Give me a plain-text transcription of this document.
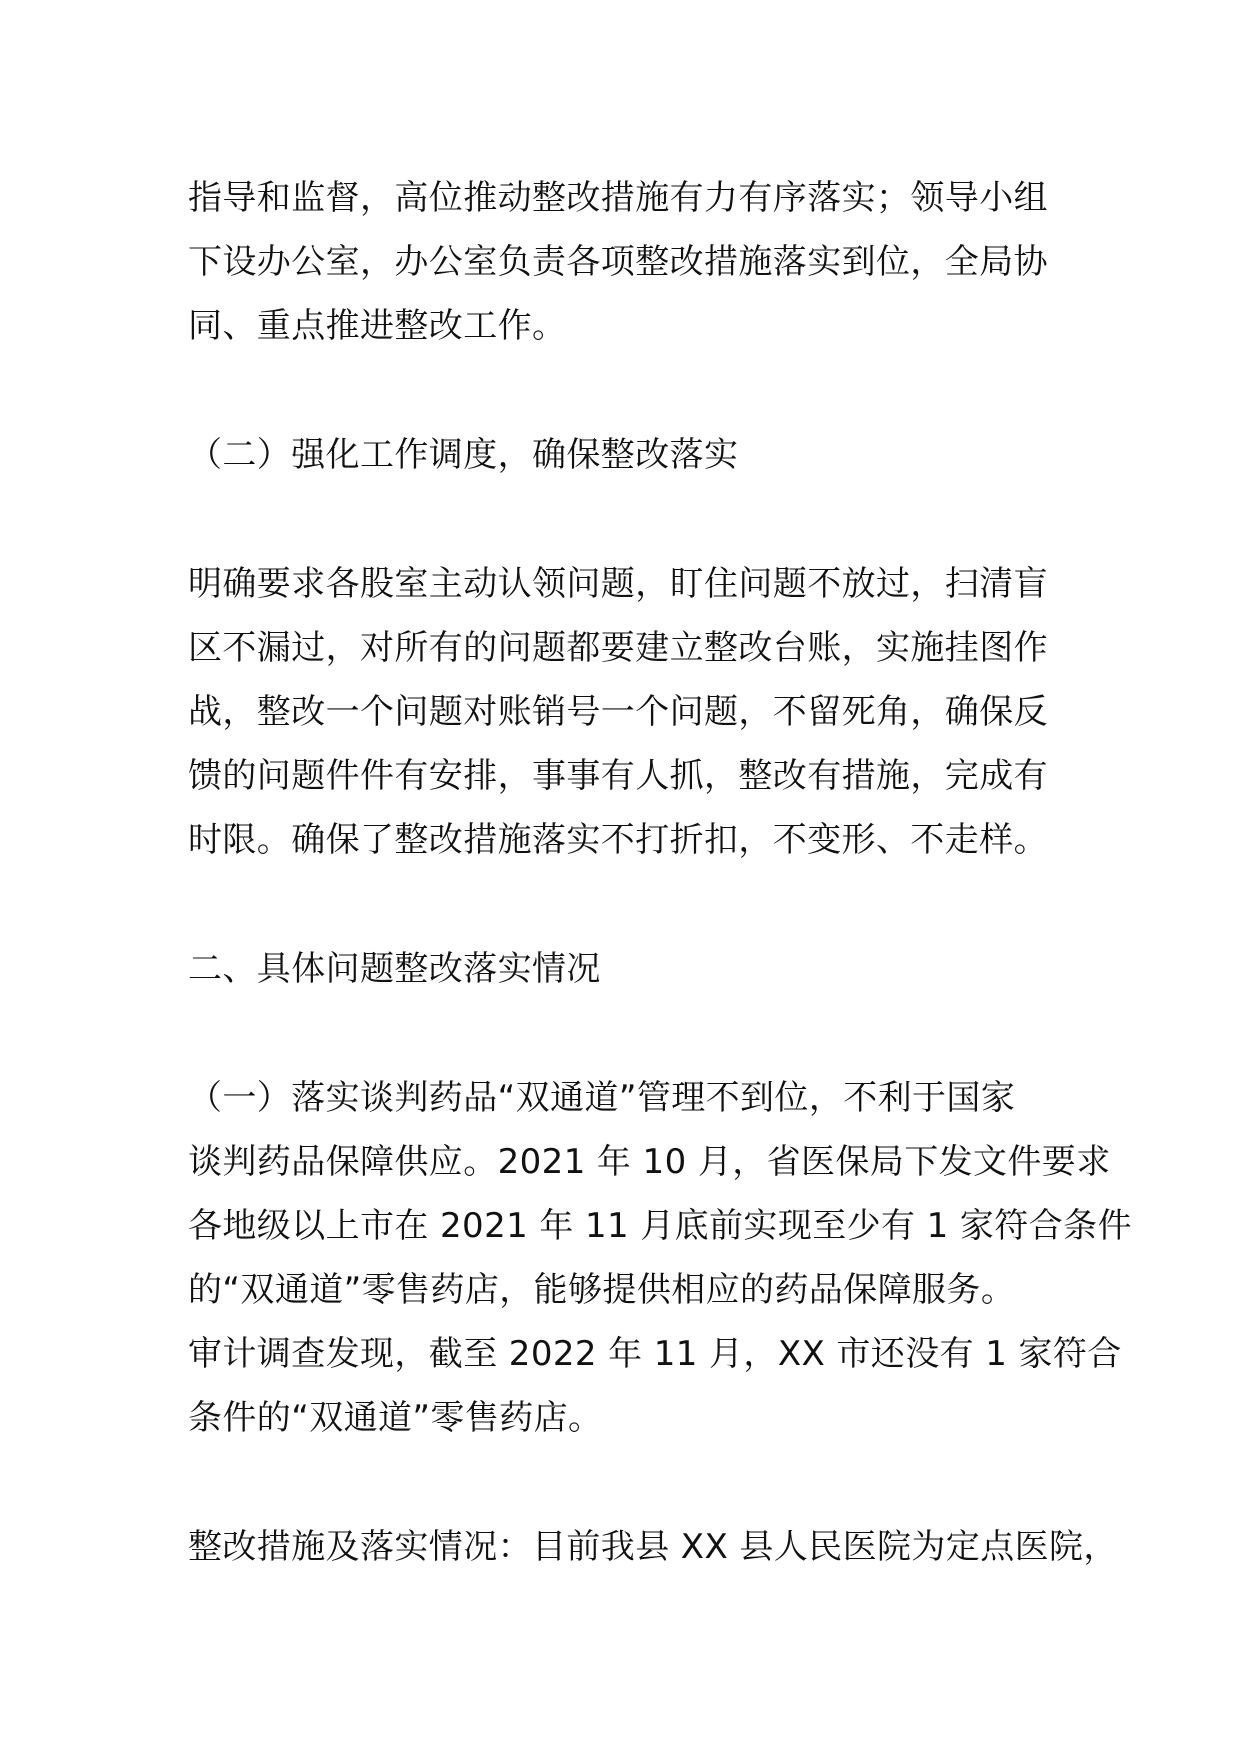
指导和监督，高位推动整改措施有力有序落实；领导小组
下设办公室，办公室负责各项整改措施落实到位，全局协
同、重点推进整改工作。
（二）强化工作调度，确保整改落实
明确要求各股室主动认领问题，盯住问题不放过，扫清盲
区不漏过，对所有的问题都要建立整改台账，实施挂图作
战，整改一个问题对账销号一个问题，不留死角，确保反
馈的问题件件有安排，事事有人抓，整改有措施，完成有
时限。确保了整改措施落实不打折扣，不变形、不走样。
二、具体问题整改落实情况
（一）落实谈判药品“双通道”管理不到位，不利于国家
谈判药品保障供应。2021 年 10 月，省医保局下发文件要求
各地级以上市在 2021 年 11 月底前实现至少有 1 家符合条件
的“双通道”零售药店，能够提供相应的药品保障服务。
审计调查发现，截至 2022 年 11 月，XX 市还没有 1 家符合
条件的“双通道”零售药店。
整改措施及落实情况：目前我县 XX 县人民医院为定点医院，
